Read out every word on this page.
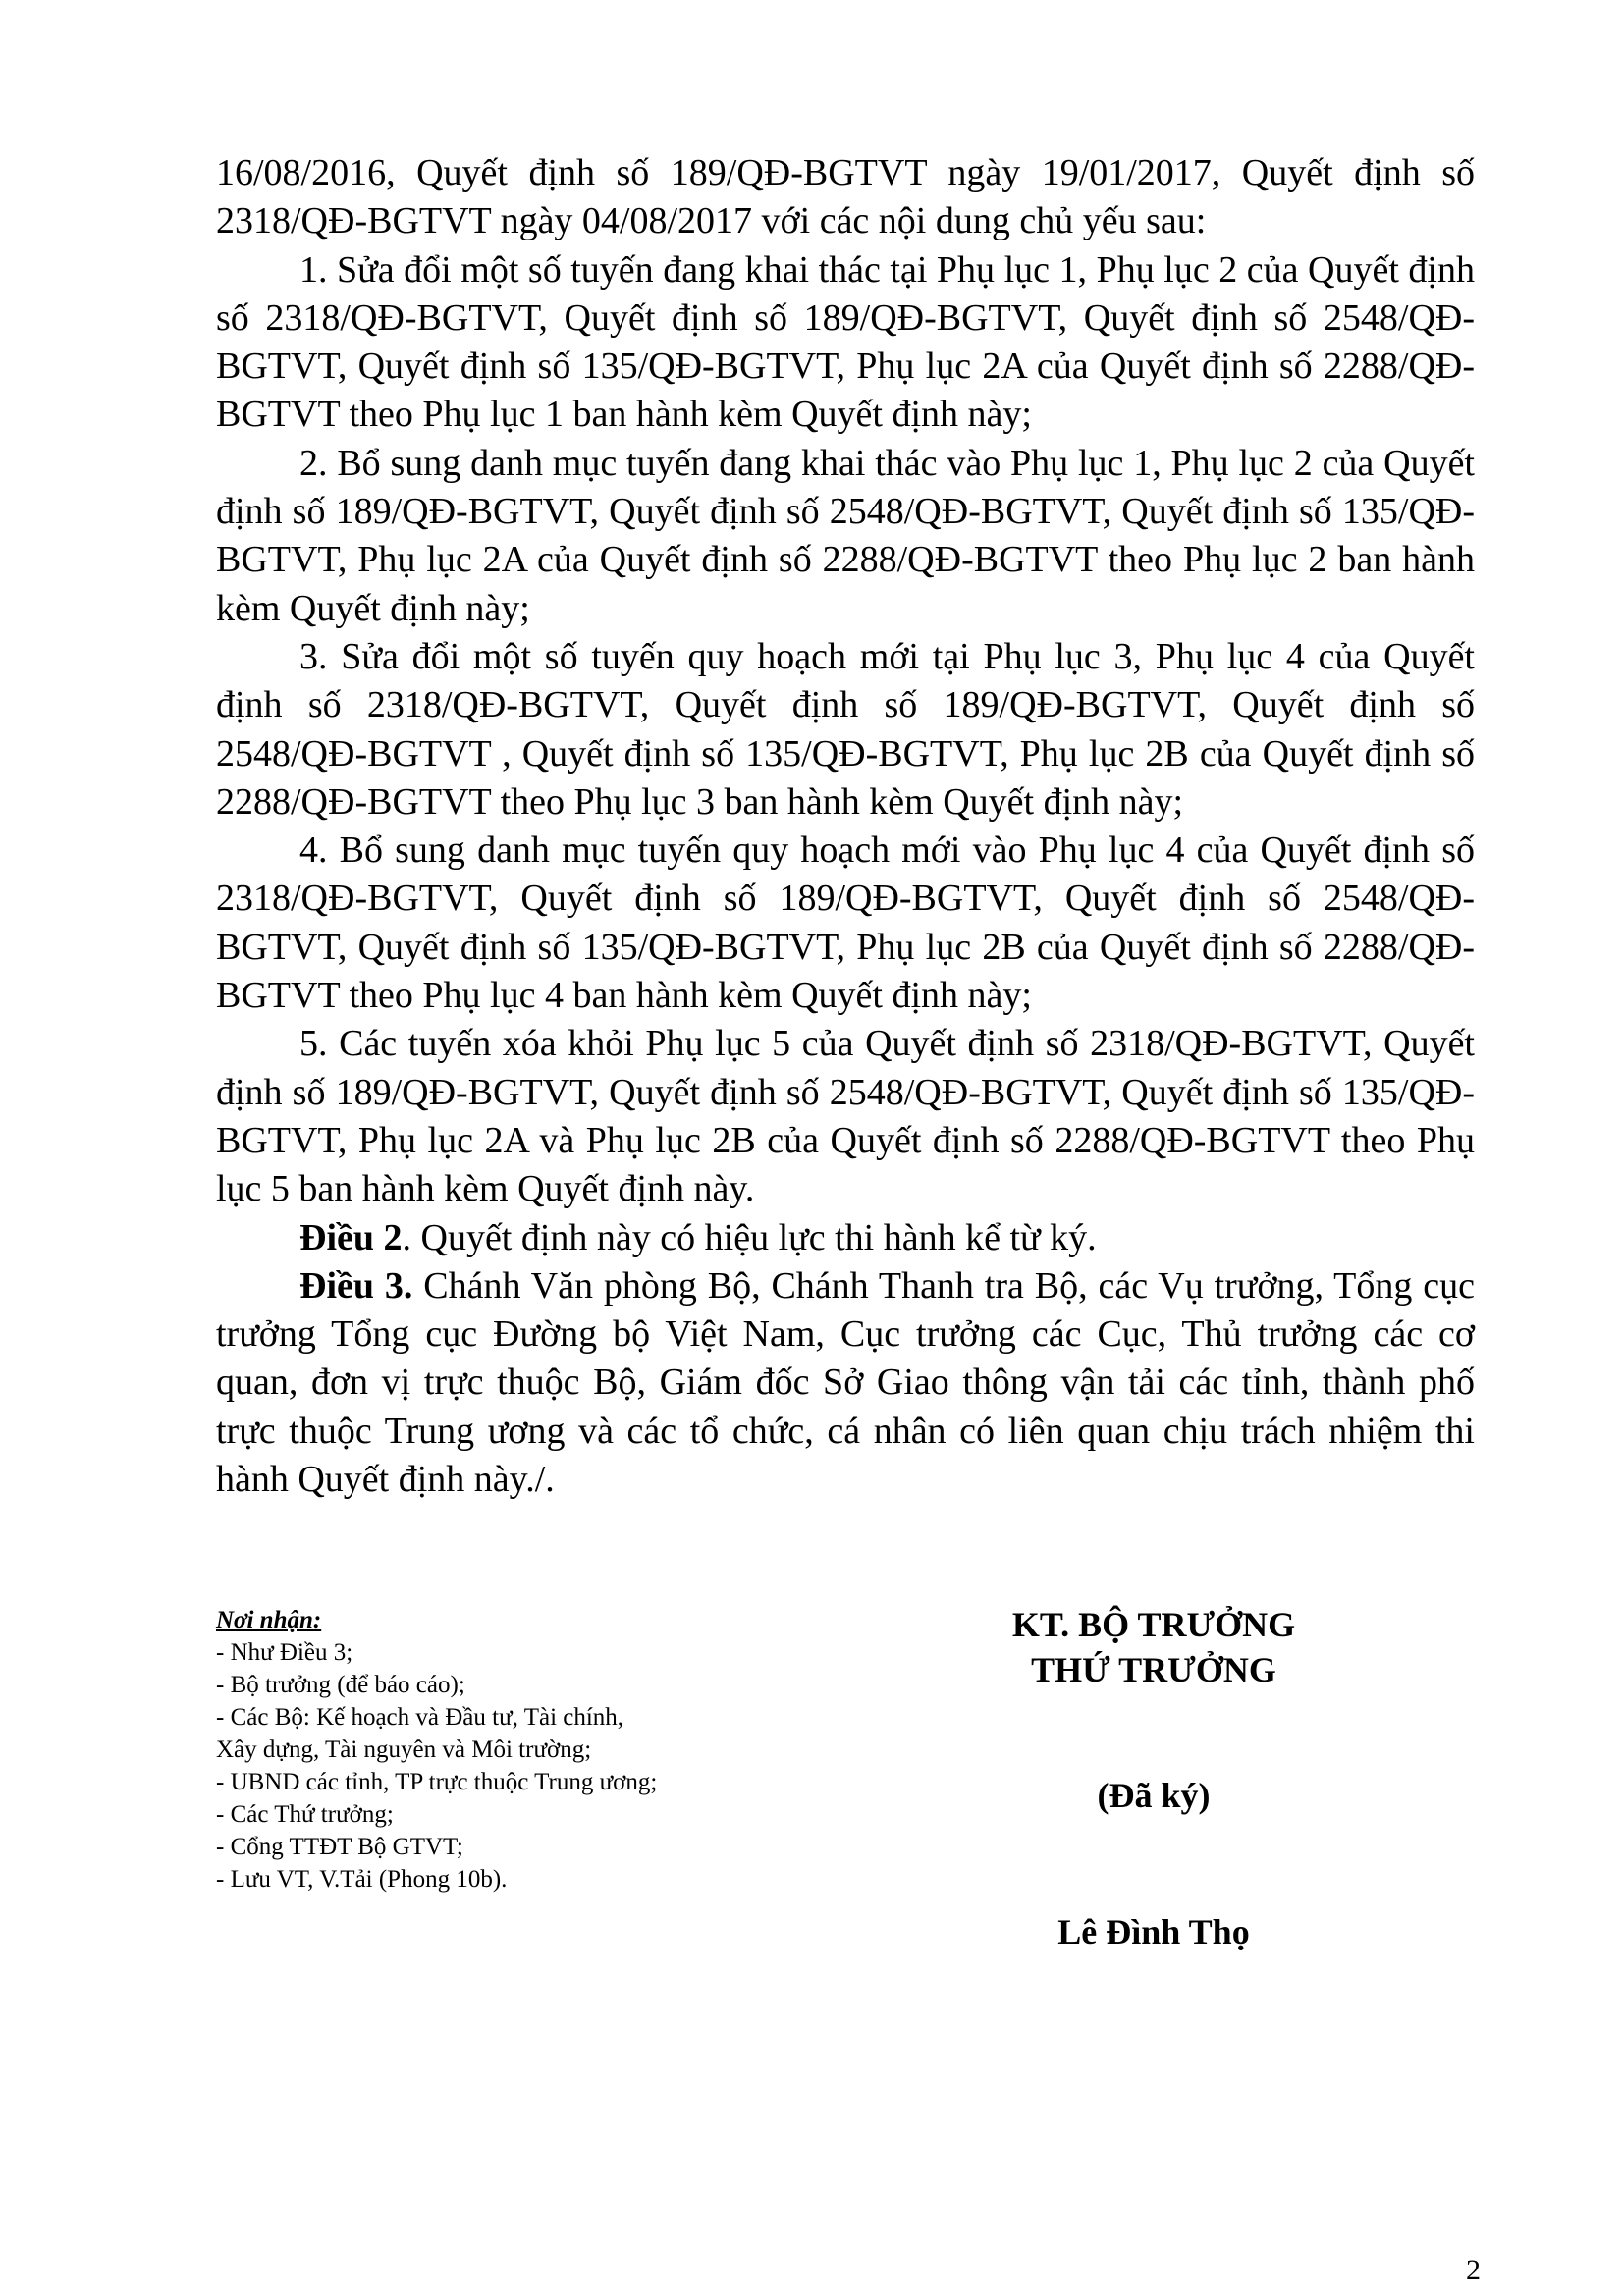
16/08/2016, Quyết định số 189/QĐ-BGTVT ngày 19/01/2017, Quyết định số 2318/QĐ-BGTVT ngày 04/08/2017 với các nội dung chủ yếu sau:

1. Sửa đổi một số tuyến đang khai thác tại Phụ lục 1, Phụ lục 2 của Quyết định số 2318/QĐ-BGTVT, Quyết định số 189/QĐ-BGTVT, Quyết định số 2548/QĐ-BGTVT, Quyết định số 135/QĐ-BGTVT, Phụ lục 2A của Quyết định số 2288/QĐ-BGTVT theo Phụ lục 1 ban hành kèm Quyết định này;

2. Bổ sung danh mục tuyến đang khai thác vào Phụ lục 1, Phụ lục 2 của Quyết định số 189/QĐ-BGTVT, Quyết định số 2548/QĐ-BGTVT, Quyết định số 135/QĐ-BGTVT, Phụ lục 2A của Quyết định số 2288/QĐ-BGTVT theo Phụ lục 2 ban hành kèm Quyết định này;

3. Sửa đổi một số tuyến quy hoạch mới tại Phụ lục 3, Phụ lục 4 của Quyết định số 2318/QĐ-BGTVT, Quyết định số 189/QĐ-BGTVT, Quyết định số 2548/QĐ-BGTVT , Quyết định số 135/QĐ-BGTVT, Phụ lục 2B của Quyết định số 2288/QĐ-BGTVT theo Phụ lục 3 ban hành kèm Quyết định này;

4. Bổ sung danh mục tuyến quy hoạch mới vào Phụ lục 4 của Quyết định số 2318/QĐ-BGTVT, Quyết định số 189/QĐ-BGTVT, Quyết định số 2548/QĐ-BGTVT, Quyết định số 135/QĐ-BGTVT, Phụ lục 2B của Quyết định số 2288/QĐ-BGTVT theo Phụ lục 4 ban hành kèm Quyết định này;

5. Các tuyến xóa khỏi Phụ lục 5 của Quyết định số 2318/QĐ-BGTVT, Quyết định số 189/QĐ-BGTVT, Quyết định số 2548/QĐ-BGTVT, Quyết định số 135/QĐ-BGTVT, Phụ lục 2A và Phụ lục 2B của Quyết định số 2288/QĐ-BGTVT theo Phụ lục 5 ban hành kèm Quyết định này.

Điều 2. Quyết định này có hiệu lực thi hành kể từ ký.

Điều 3. Chánh Văn phòng Bộ, Chánh Thanh tra Bộ, các Vụ trưởng, Tổng cục trưởng Tổng cục Đường bộ Việt Nam, Cục trưởng các Cục, Thủ trưởng các cơ quan, đơn vị trực thuộc Bộ, Giám đốc Sở Giao thông vận tải các tỉnh, thành phố trực thuộc Trung ương và các tổ chức, cá nhân có liên quan chịu trách nhiệm thi hành Quyết định này./.

Nơi nhận:
- Như Điều 3;
- Bộ trưởng (để báo cáo);
- Các Bộ: Kế hoạch và Đầu tư, Tài chính,
Xây dựng, Tài nguyên và Môi trường;
- UBND các tỉnh, TP trực thuộc Trung ương;
- Các Thứ trưởng;
- Cổng TTĐT Bộ GTVT;
- Lưu VT, V.Tải (Phong 10b).
KT. BỘ TRƯỞNG
THỨ TRƯỞNG
(Đã ký)
Lê Đình Thọ
2
